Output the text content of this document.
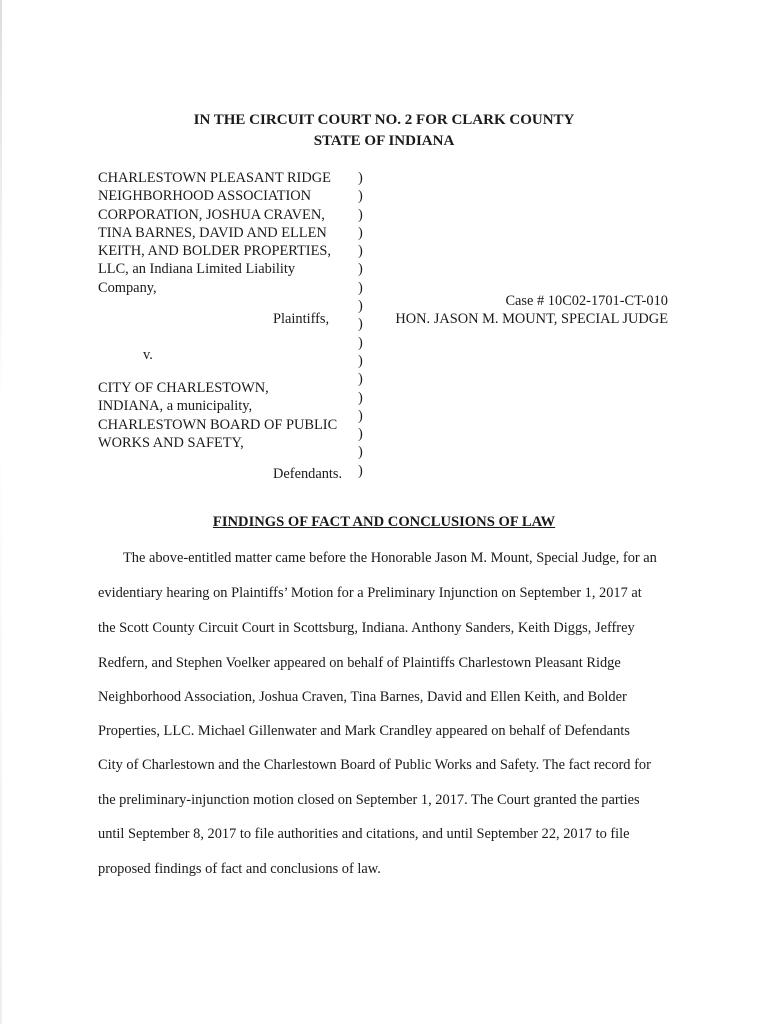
IN THE CIRCUIT COURT NO. 2 FOR CLARK COUNTY
STATE OF INDIANA
CHARLESTOWN PLEASANT RIDGE
NEIGHBORHOOD ASSOCIATION
CORPORATION, JOSHUA CRAVEN,
TINA BARNES, DAVID AND ELLEN
KEITH, AND BOLDER PROPERTIES,
LLC, an Indiana Limited Liability
Company,
Plaintiffs,
v.
CITY OF CHARLESTOWN,
INDIANA, a municipality,
CHARLESTOWN BOARD OF PUBLIC
WORKS AND SAFETY,
Defendants.
)
)
)
)
)
)
)
)
)
)
)
)
)
)
)
)
)
Case # 10C02-1701-CT-010
HON. JASON M. MOUNT, SPECIAL JUDGE
FINDINGS OF FACT AND CONCLUSIONS OF LAW
The above-entitled matter came before the Honorable Jason M. Mount, Special Judge, for an
evidentiary hearing on Plaintiffs’ Motion for a Preliminary Injunction on September 1, 2017 at
the Scott County Circuit Court in Scottsburg, Indiana. Anthony Sanders, Keith Diggs, Jeffrey
Redfern, and Stephen Voelker appeared on behalf of Plaintiffs Charlestown Pleasant Ridge
Neighborhood Association, Joshua Craven, Tina Barnes, David and Ellen Keith, and Bolder
Properties, LLC. Michael Gillenwater and Mark Crandley appeared on behalf of Defendants
City of Charlestown and the Charlestown Board of Public Works and Safety. The fact record for
the preliminary-injunction motion closed on September 1, 2017. The Court granted the parties
until September 8, 2017 to file authorities and citations, and until September 22, 2017 to file
proposed findings of fact and conclusions of law.
